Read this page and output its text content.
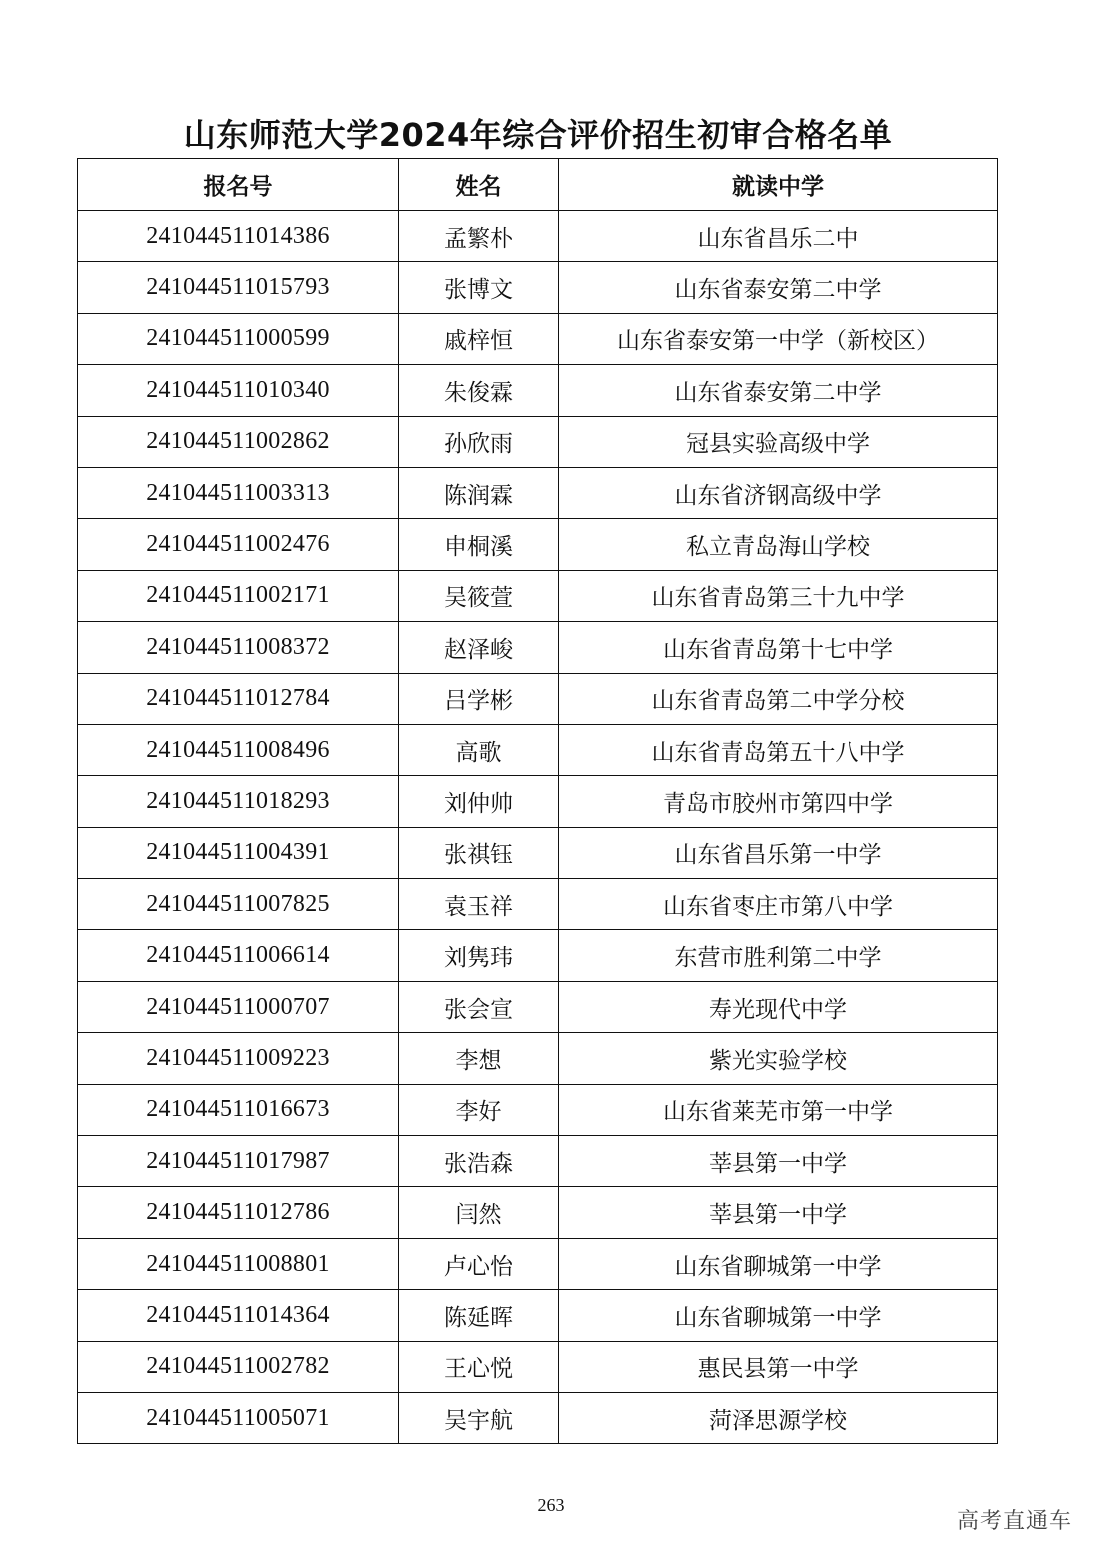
山东师范大学2024年综合评价招生初审合格名单
报名号	姓名	就读中学
241044511014386	孟繁朴	山东省昌乐二中
241044511015793	张博文	山东省泰安第二中学
241044511000599	戚梓恒	山东省泰安第一中学（新校区）
241044511010340	朱俊霖	山东省泰安第二中学
241044511002862	孙欣雨	冠县实验高级中学
241044511003313	陈润霖	山东省济钢高级中学
241044511002476	申桐溪	私立青岛海山学校
241044511002171	吴筱萱	山东省青岛第三十九中学
241044511008372	赵泽峻	山东省青岛第十七中学
241044511012784	吕学彬	山东省青岛第二中学分校
241044511008496	高歌	山东省青岛第五十八中学
241044511018293	刘仲帅	青岛市胶州市第四中学
241044511004391	张祺钰	山东省昌乐第一中学
241044511007825	袁玉祥	山东省枣庄市第八中学
241044511006614	刘隽玮	东营市胜利第二中学
241044511000707	张会宣	寿光现代中学
241044511009223	李想	紫光实验学校
241044511016673	李好	山东省莱芜市第一中学
241044511017987	张浩森	莘县第一中学
241044511012786	闫然	莘县第一中学
241044511008801	卢心怡	山东省聊城第一中学
241044511014364	陈延晖	山东省聊城第一中学
241044511002782	王心悦	惠民县第一中学
241044511005071	吴宇航	菏泽思源学校
263
高考直通车
